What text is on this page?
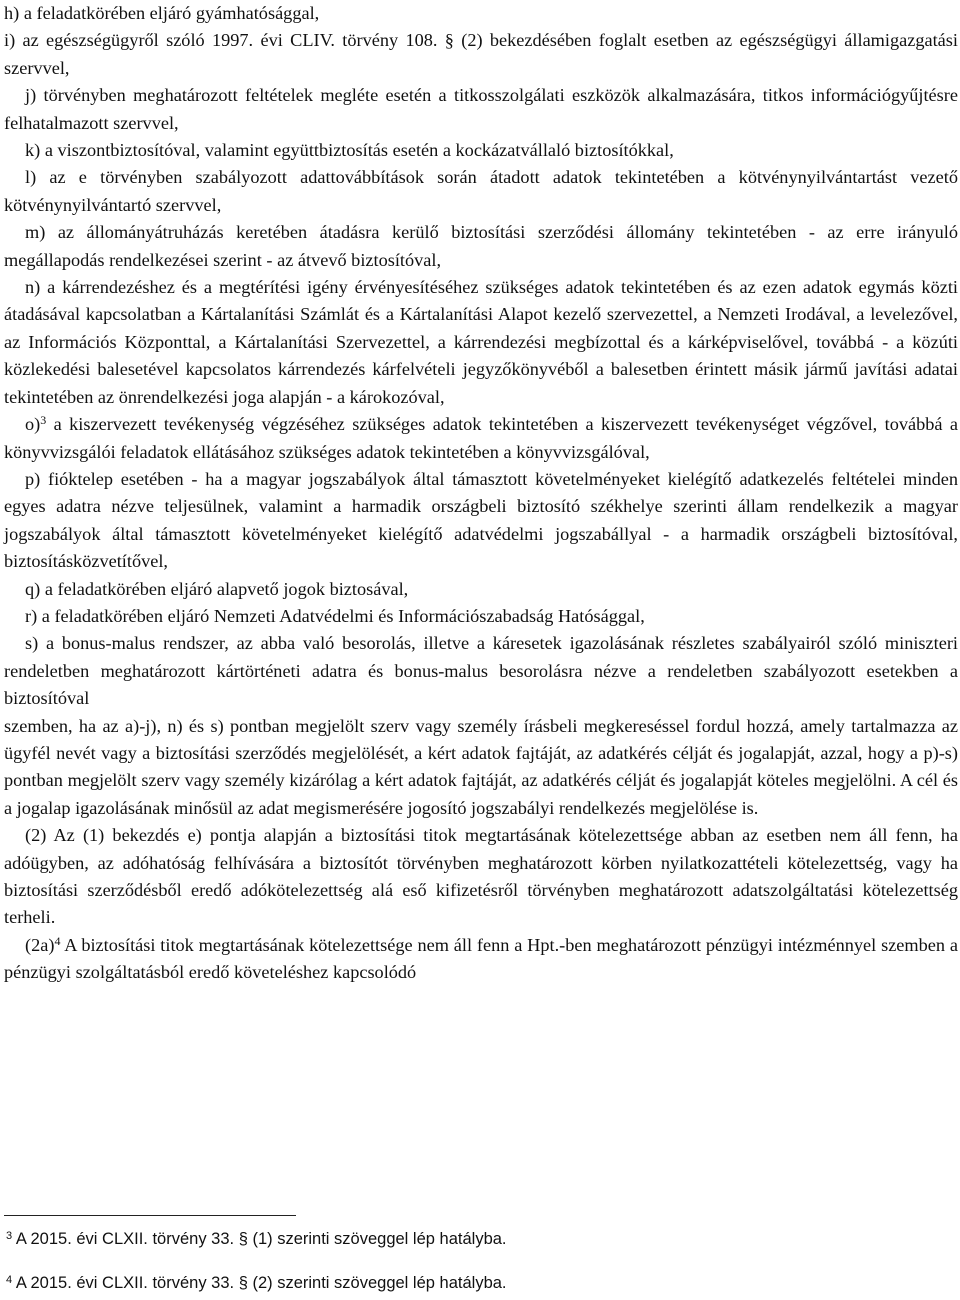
h) a feladatkörében eljáró gyámhatósággal,

i) az egészségügyről szóló 1997. évi CLIV. törvény 108. § (2) bekezdésében foglalt esetben az egészségügyi államigazgatási szervvel,

j) törvényben meghatározott feltételek megléte esetén a titkosszolgálati eszközök alkalmazására, titkos információgyűjtésre felhatalmazott szervvel,

k) a viszontbiztosítóval, valamint együttbiztosítás esetén a kockázatvállaló biztosítókkal,

l) az e törvényben szabályozott adattovábbítások során átadott adatok tekintetében a kötvénynyilvántartást vezető kötvénynyilvántartó szervvel,

m) az állományátruházás keretében átadásra kerülő biztosítási szerződési állomány tekintetében - az erre irányuló megállapodás rendelkezései szerint - az átvevő biztosítóval,

n) a kárrendezéshez és a megtérítési igény érvényesítéséhez szükséges adatok tekintetében és az ezen adatok egymás közti átadásával kapcsolatban a Kártalanítási Számlát és a Kártalanítási Alapot kezelő szervezettel, a Nemzeti Irodával, a levelezővel, az Információs Központtal, a Kártalanítási Szervezettel, a kárrendezési megbízottal és a kárképviselővel, továbbá - a közúti közlekedési balesetével kapcsolatos kárrendezés kárfelvételi jegyzőkönyvéből a balesetben érintett másik jármű javítási adatai tekintetében az önrendelkezési joga alapján - a károkozóval,

o)$^3$ a kiszervezett tevékenység végzéséhez szükséges adatok tekintetében a kiszervezett tevékenységet végzővel, továbbá a könyvvizsgálói feladatok ellátásához szükséges adatok tekintetében a könyvvizsgálóval,

p) fióktelep esetében - ha a magyar jogszabályok által támasztott követelményeket kielégítő adatkezelés feltételei minden egyes adatra nézve teljesülnek, valamint a harmadik országbeli biztosító székhelye szerinti állam rendelkezik a magyar jogszabályok által támasztott követelményeket kielégítő adatvédelmi jogszabállyal - a harmadik országbeli biztosítóval, biztosításközvetítővel,

q) a feladatkörében eljáró alapvető jogok biztosával,

r) a feladatkörében eljáró Nemzeti Adatvédelmi és Információszabadság Hatósággal,

s) a bonus-malus rendszer, az abba való besorolás, illetve a káresetek igazolásának részletes szabályairól szóló miniszteri rendeletben meghatározott kártörténeti adatra és bonus-malus besorolásra nézve a rendeletben szabályozott esetekben a biztosítóval

szemben, ha az a)-j), n) és s) pontban megjelölt szerv vagy személy írásbeli megkereséssel fordul hozzá, amely tartalmazza az ügyfél nevét vagy a biztosítási szerződés megjelölését, a kért adatok fajtáját, az adatkérés célját és jogalapját, azzal, hogy a p)-s) pontban megjelölt szerv vagy személy kizárólag a kért adatok fajtáját, az adatkérés célját és jogalapját köteles megjelölni. A cél és a jogalap igazolásának minősül az adat megismerésére jogosító jogszabályi rendelkezés megjelölése is.

(2) Az (1) bekezdés e) pontja alapján a biztosítási titok megtartásának kötelezettsége abban az esetben nem áll fenn, ha adóügyben, az adóhatóság felhívására a biztosítót törvényben meghatározott körben nyilatkozattételi kötelezettség, vagy ha biztosítási szerződésből eredő adókötelezettség alá eső kifizetésről törvényben meghatározott adatszolgáltatási kötelezettség terheli.

$(2a)^4$ A biztosítási titok megtartásának kötelezettsége nem áll fenn a Hpt.-ben meghatározott pénzügyi intézménnyel szemben a pénzügyi szolgáltatásból eredő követeléshez kapcsolódó

$^3$ A 2015. évi CLXII. törvény 33. § (1) szerinti szöveggel lép hatályba.

$^4$ A 2015. évi CLXII. törvény 33. § (2) szerinti szöveggel lép hatályba.
